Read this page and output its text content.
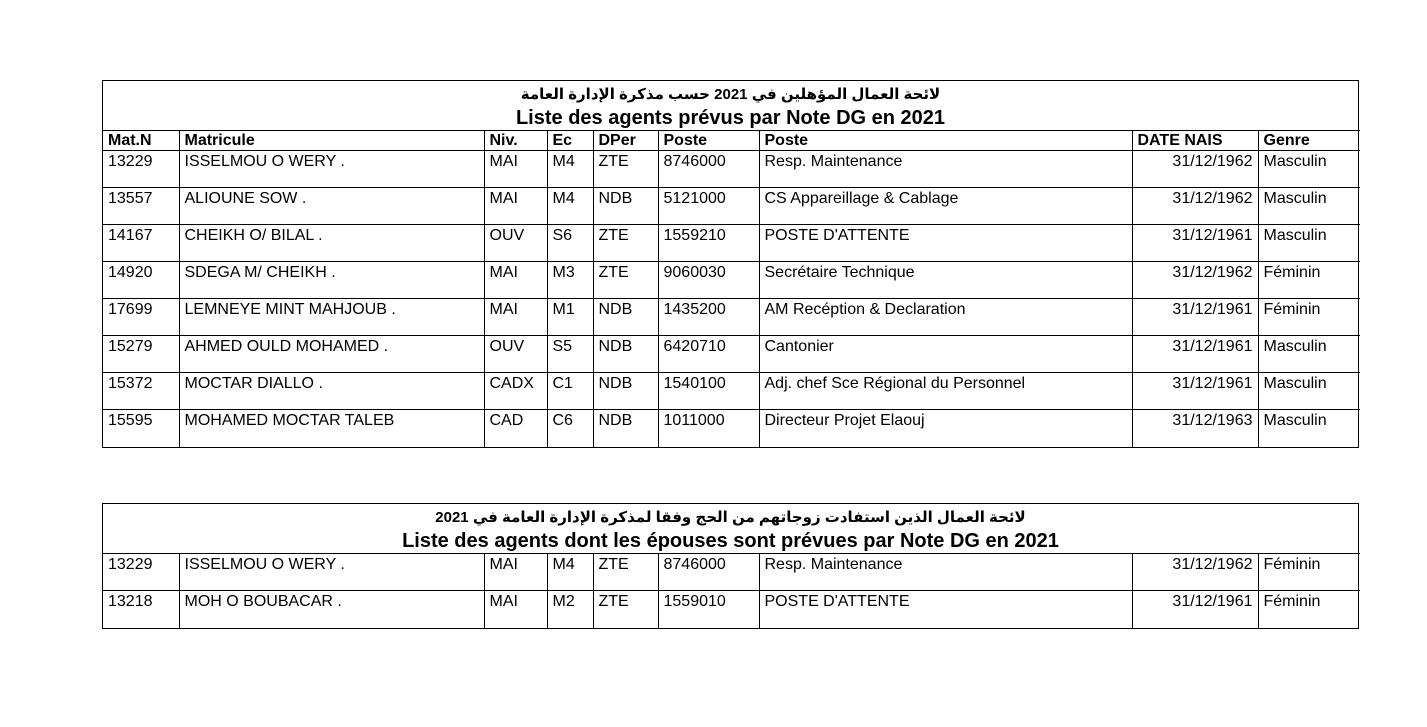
لائحة العمال المؤهلين في 2021 حسب مذكرة الإدارة العامة
Liste des agents prévus par Note DG en 2021
Mat.N	Matricule	Niv.	Ec	DPer	Poste	Poste	DATE NAIS	Genre
13229	ISSELMOU O WERY .	MAI	M4	ZTE	8746000	Resp. Maintenance	31/12/1962	Masculin
13557	ALIOUNE SOW .	MAI	M4	NDB	5121000	CS Appareillage & Cablage	31/12/1962	Masculin
14167	CHEIKH O/ BILAL .	OUV	S6	ZTE	1559210	POSTE D'ATTENTE	31/12/1961	Masculin
14920	SDEGA M/ CHEIKH .	MAI	M3	ZTE	9060030	Secrétaire Technique	31/12/1962	Féminin
17699	LEMNEYE MINT MAHJOUB .	MAI	M1	NDB	1435200	AM Recéption & Declaration	31/12/1961	Féminin
15279	AHMED OULD MOHAMED .	OUV	S5	NDB	6420710	Cantonier	31/12/1961	Masculin
15372	MOCTAR DIALLO .	CADX	C1	NDB	1540100	Adj. chef Sce Régional du Personnel	31/12/1961	Masculin
15595	MOHAMED MOCTAR TALEB	CAD	C6	NDB	1011000	Directeur Projet Elaouj	31/12/1963	Masculin
لائحة العمال الذين استفادت زوجاتهم من الحج وفقا لمذكرة الإدارة العامة في 2021
Liste des agents dont les épouses sont prévues par Note DG en 2021
13229	ISSELMOU O WERY .	MAI	M4	ZTE	8746000	Resp. Maintenance	31/12/1962	Féminin
13218	MOH O BOUBACAR .	MAI	M2	ZTE	1559010	POSTE D'ATTENTE	31/12/1961	Féminin
